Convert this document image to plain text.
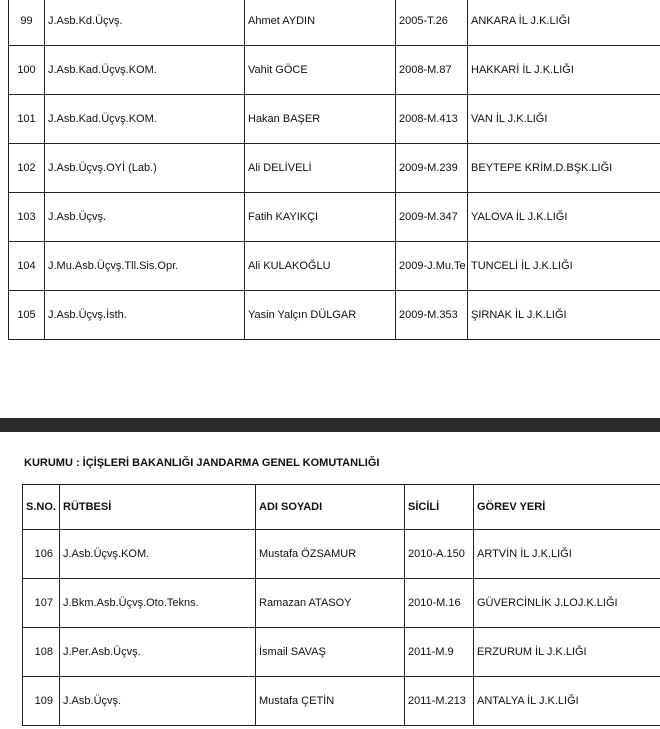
99	J.Asb.Kd.Üçvş.	Ahmet AYDIN	2005-T.26	ANKARA İL J.K.LIĞI
100	J.Asb.Kad.Üçvş.KOM.	Vahit GÖCE	2008-M.87	HAKKARİ İL J.K.LIĞI
101	J.Asb.Kad.Üçvş.KOM.	Hakan BAŞER	2008-M.413	VAN İL J.K.LIĞI
102	J.Asb.Üçvş.OYİ (Lab.)	Ali DELİVELİ	2009-M.239	BEYTEPE KRİM.D.BŞK.LIĞI
103	J.Asb.Üçvş.	Fatih KAYIKÇI	2009-M.347	YALOVA İL J.K.LIĞI
104	J.Mu.Asb.Üçvş.Tll.Sis.Opr.	Ali KULAKOĞLU	2009-J.Mu.Te	TUNCELİ İL J.K.LIĞI
105	J.Asb.Üçvş.İsth.	Yasin Yalçın DÜLGAR	2009-M.353	ŞIRNAK İL J.K.LIĞI
KURUMU : İÇİŞLERİ BAKANLIĞI JANDARMA GENEL KOMUTANLIĞI
S.NO.	RÜTBESİ	ADI SOYADI	SİCİLİ	GÖREV YERİ
106	J.Asb.Üçvş.KOM.	Mustafa ÖZSAMUR	2010-A.150	ARTVİN İL J.K.LIĞI
107	J.Bkm.Asb.Üçvş.Oto.Tekns.	Ramazan ATASOY	2010-M.16	GÜVERCİNLİK J.LOJ.K.LIĞI
108	J.Per.Asb.Üçvş.	İsmail SAVAŞ	2011-M.9	ERZURUM İL J.K.LIĞI
109	J.Asb.Üçvş.	Mustafa ÇETİN	2011-M.213	ANTALYA İL J.K.LIĞI
